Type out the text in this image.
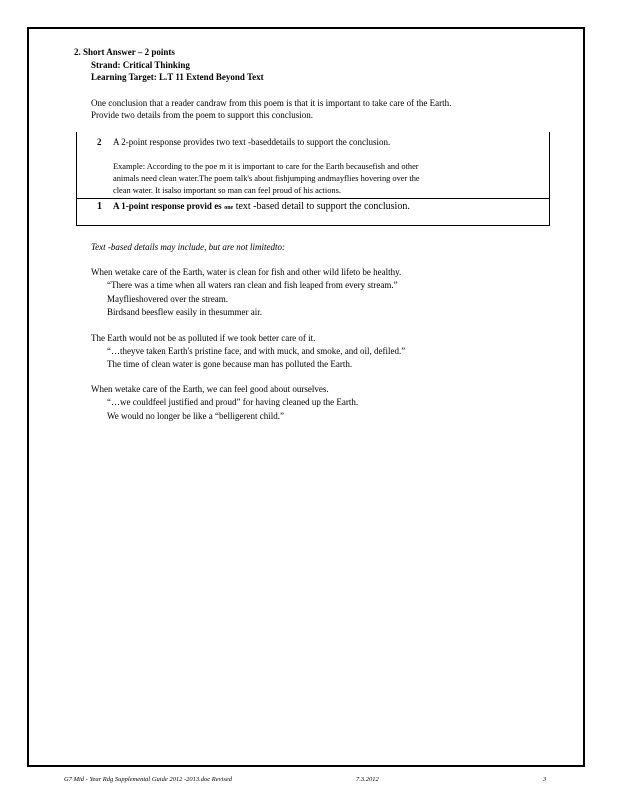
2. Short Answer – 2 points
Strand: Critical Thinking
Learning Target: L.T 11 Extend Beyond Text
One conclusion that a reader candraw from this poem is that it is important to take care of the Earth.
Provide two details from the poem to support this conclusion.
2 A 2-point response provides two text -baseddetails to support the conclusion.
Example: According to the poe m it is important to care for the Earth becausefish and other
animals need clean water.The poem talk's about fishjumping andmayflies hovering over the
clean water. It isalso important so man can feel proud of his actions.
1 A 1-point response provid es one text -based detail to support the conclusion.
Text -based details may include, but are not limitedto:
When wetake care of the Earth, water is clean for fish and other wild lifeto be healthy.
“There was a time when all waters ran clean and fish leaped from every stream.”
Mayflieshovered over the stream.
Birdsand beesflew easily in thesummer air.
The Earth would not be as polluted if we took better care of it.
“…theyve taken Earth's pristine face, and with muck, and smoke, and oil, defiled.”
The time of clean water is gone because man has polluted the Earth.
When wetake care of the Earth, we can feel good about ourselves.
“…we couldfeel justified and proud” for having cleaned up the Earth.
We would no longer be like a “belligerent child.”
G7 Mid - Year Rdg Supplemental Guide 2012 -2013.doc Revised	7.3.2012	3
